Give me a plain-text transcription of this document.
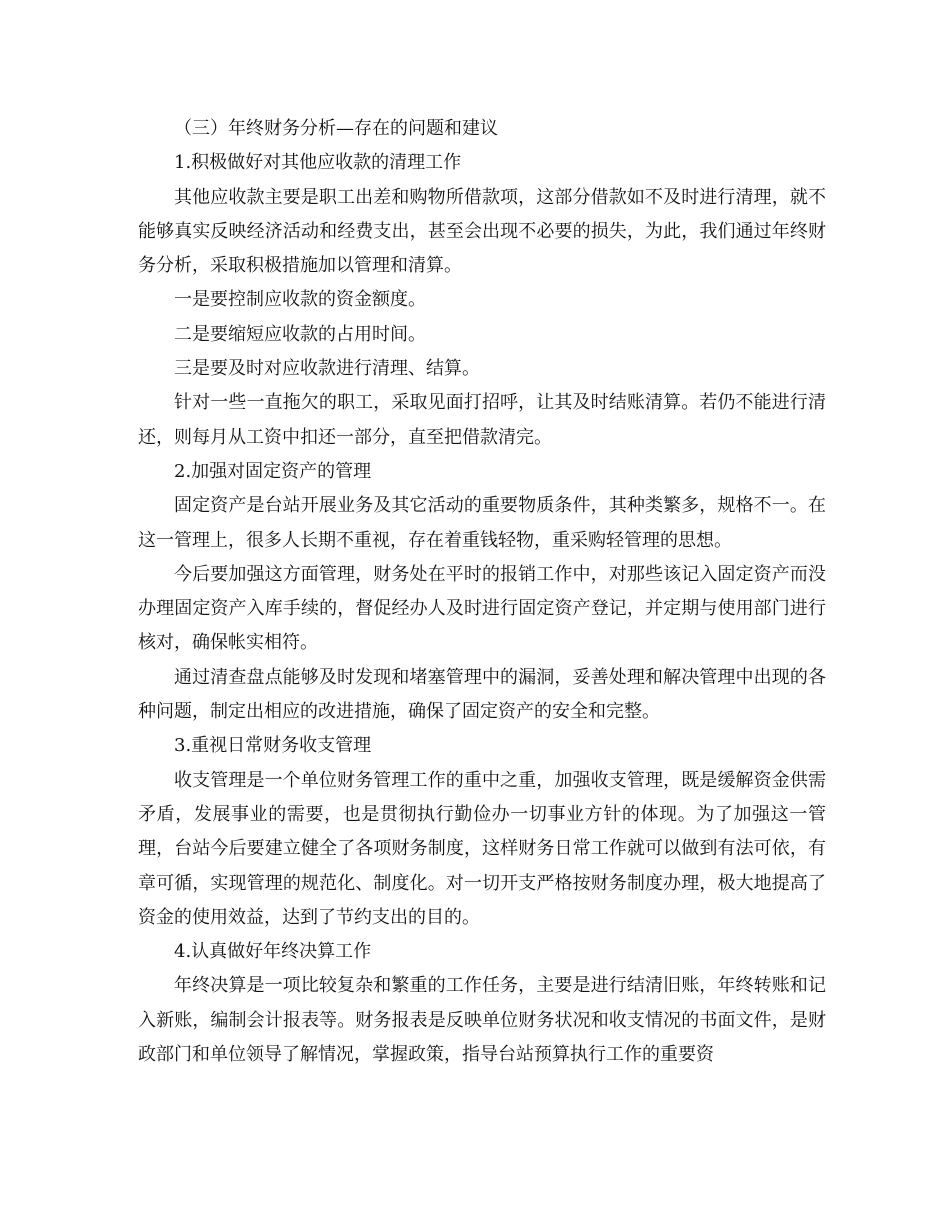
（三）年终财务分析—存在的问题和建议

1.积极做好对其他应收款的清理工作

其他应收款主要是职工出差和购物所借款项，这部分借款如不及时进行清理，就不能够真实反映经济活动和经费支出，甚至会出现不必要的损失，为此，我们通过年终财务分析，采取积极措施加以管理和清算。

一是要控制应收款的资金额度。

二是要缩短应收款的占用时间。

三是要及时对应收款进行清理、结算。

针对一些一直拖欠的职工，采取见面打招呼，让其及时结账清算。若仍不能进行清还，则每月从工资中扣还一部分，直至把借款清完。

2.加强对固定资产的管理

固定资产是台站开展业务及其它活动的重要物质条件，其种类繁多，规格不一。在这一管理上，很多人长期不重视，存在着重钱轻物，重采购轻管理的思想。

今后要加强这方面管理，财务处在平时的报销工作中，对那些该记入固定资产而没办理固定资产入库手续的，督促经办人及时进行固定资产登记，并定期与使用部门进行核对，确保帐实相符。

通过清查盘点能够及时发现和堵塞管理中的漏洞，妥善处理和解决管理中出现的各种问题，制定出相应的改进措施，确保了固定资产的安全和完整。

3.重视日常财务收支管理

收支管理是一个单位财务管理工作的重中之重，加强收支管理，既是缓解资金供需矛盾，发展事业的需要，也是贯彻执行勤俭办一切事业方针的体现。为了加强这一管理，台站今后要建立健全了各项财务制度，这样财务日常工作就可以做到有法可依，有章可循，实现管理的规范化、制度化。对一切开支严格按财务制度办理，极大地提高了资金的使用效益，达到了节约支出的目的。

4.认真做好年终决算工作

年终决算是一项比较复杂和繁重的工作任务，主要是进行结清旧账，年终转账和记入新账，编制会计报表等。财务报表是反映单位财务状况和收支情况的书面文件，是财政部门和单位领导了解情况，掌握政策，指导台站预算执行工作的重要资
